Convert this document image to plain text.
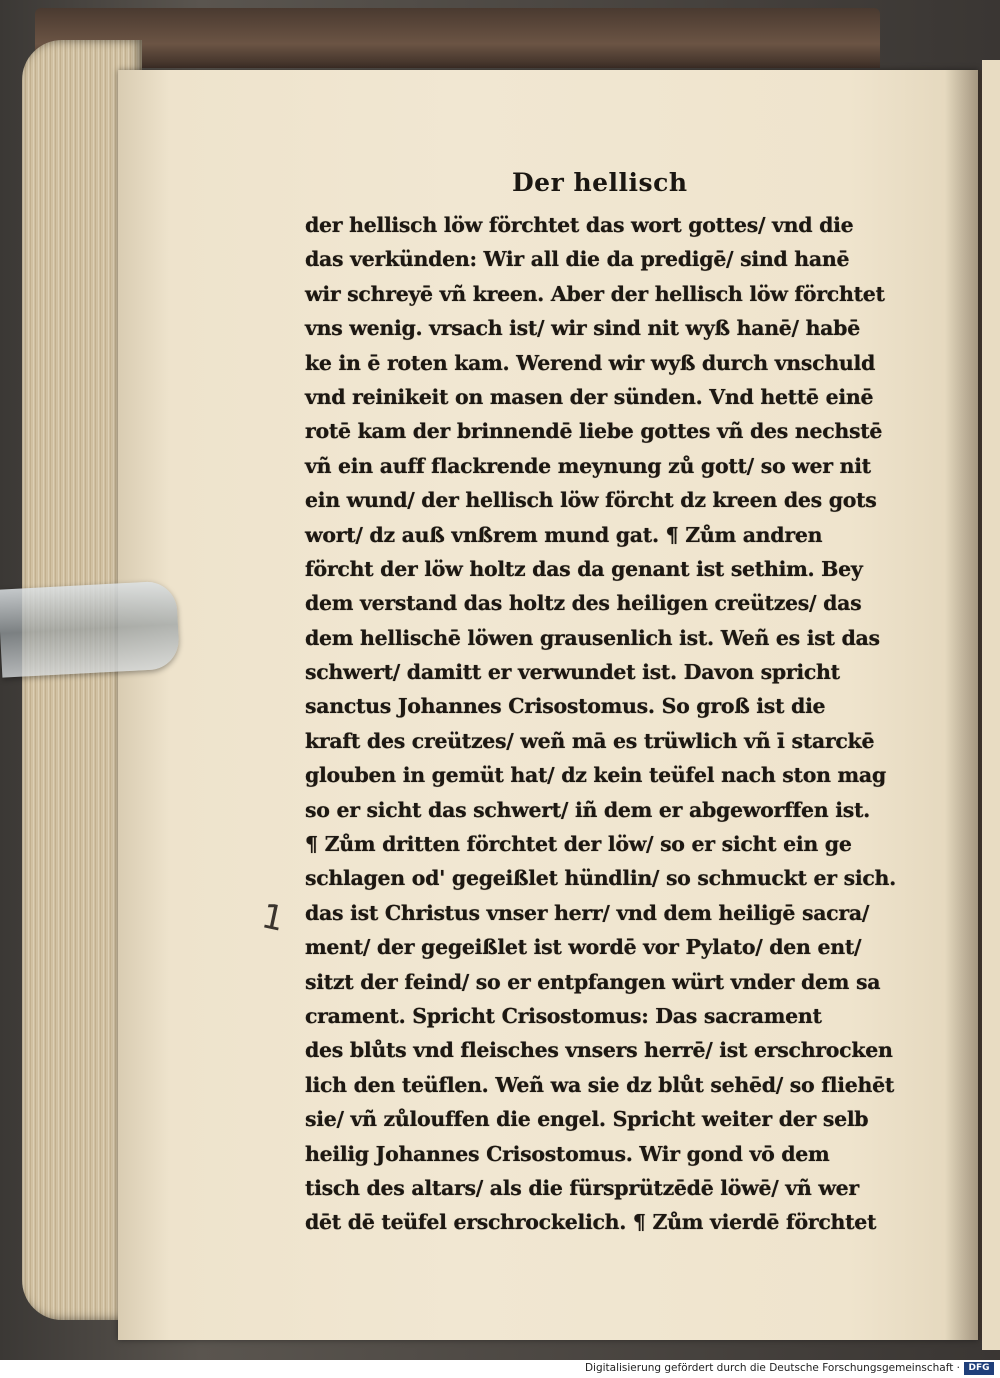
Der hellisch
der hellisch löw förchtet das wort gottes/ vnd die
das verkünden: Wir all die da predigē/ sind hanē
wir schreyē vñ kreen. Aber der hellisch löw förchtet
vns wenig. vrsach ist/ wir sind nit wyß hanē/ habē
ke in ē roten kam. Werend wir wyß durch vnschuld
vnd reinikeit on masen der sünden. Vnd hettē einē
rotē kam der brinnendē liebe gottes vñ des nechstē
vñ ein auff flackrende meynung zů gott/ so wer nit
ein wund/ der hellisch löw förcht dz kreen des gots
wort/ dz auß vnßrem mund gat. ¶ Zům andren
förcht der löw holtz das da genant ist sethim. Bey
dem verstand das holtz des heiligen creützes/ das
dem hellischē löwen grausenlich ist. Weñ es ist das
schwert/ damitt er verwundet ist. Davon spricht
sanctus Johannes Crisostomus. So groß ist die
kraft des creützes/ weñ mā es trüwlich vñ ī starckē
glouben in gemüt hat/ dz kein teüfel nach ston mag
so er sicht das schwert/ iñ dem er abgeworffen ist.
¶ Zům dritten förchtet der löw/ so er sicht ein ge
schlagen od' gegeißlet hündlin/ so schmuckt er sich.
das ist Christus vnser herr/ vnd dem heiligē sacra/
ment/ der gegeißlet ist wordē vor Pylato/ den ent/
sitzt der feind/ so er entpfangen würt vnder dem sa
crament. Spricht Crisostomus: Das sacrament
des blůts vnd fleisches vnsers herrē/ ist erschrocken
lich den teüflen. Weñ wa sie dz blůt sehēd/ so fliehēt
sie/ vñ zůlouffen die engel. Spricht weiter der selb
heilig Johannes Crisostomus. Wir gond vō dem
tisch des altars/ als die fürsprützēdē löwē/ vñ wer
dēt dē teüfel erschrockelich. ¶ Zům vierdē förchtet
1
Digitalisierung gefördert durch die Deutsche Forschungsgemeinschaft · DFG
